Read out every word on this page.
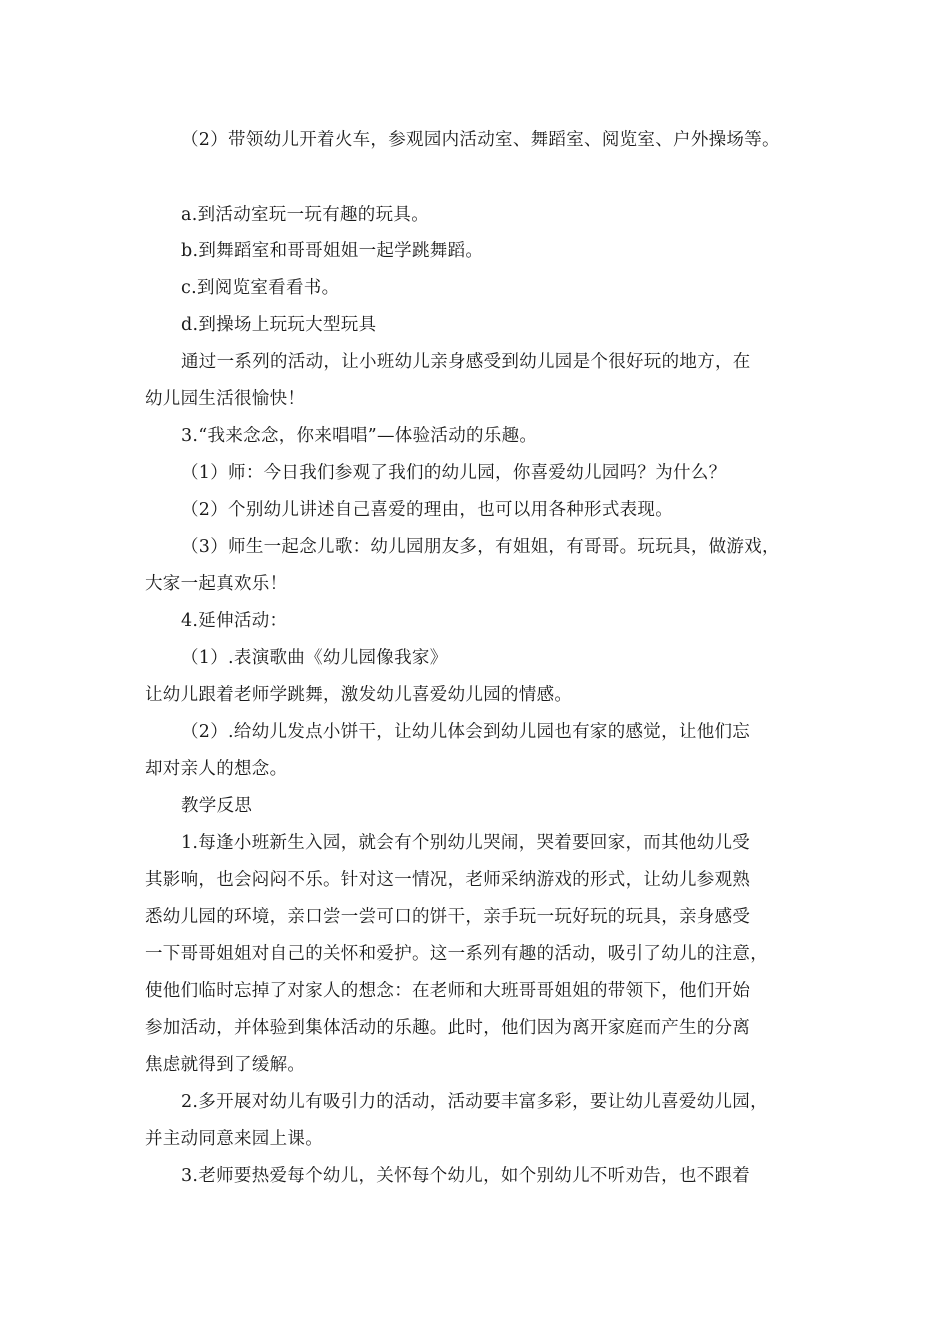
（2）带领幼儿开着火车，参观园内活动室、舞蹈室、阅览室、户外操场等。
a.到活动室玩一玩有趣的玩具。
b.到舞蹈室和哥哥姐姐一起学跳舞蹈。
c.到阅览室看看书。
d.到操场上玩玩大型玩具
通过一系列的活动，让小班幼儿亲身感受到幼儿园是个很好玩的地方，在
幼儿园生活很愉快！
3.“我来念念，你来唱唱”—体验活动的乐趣。
（1）师：今日我们参观了我们的幼儿园，你喜爱幼儿园吗？为什么？
（2）个别幼儿讲述自己喜爱的理由，也可以用各种形式表现。
（3）师生一起念儿歌：幼儿园朋友多，有姐姐，有哥哥。玩玩具，做游戏，
大家一起真欢乐！
4.延伸活动：
（1）.表演歌曲《幼儿园像我家》
让幼儿跟着老师学跳舞，激发幼儿喜爱幼儿园的情感。
（2）.给幼儿发点小饼干，让幼儿体会到幼儿园也有家的感觉，让他们忘
却对亲人的想念。
教学反思
1.每逢小班新生入园，就会有个别幼儿哭闹，哭着要回家，而其他幼儿受
其影响，也会闷闷不乐。针对这一情况，老师采纳游戏的形式，让幼儿参观熟
悉幼儿园的环境，亲口尝一尝可口的饼干，亲手玩一玩好玩的玩具，亲身感受
一下哥哥姐姐对自己的关怀和爱护。这一系列有趣的活动，吸引了幼儿的注意，
使他们临时忘掉了对家人的想念：在老师和大班哥哥姐姐的带领下，他们开始
参加活动，并体验到集体活动的乐趣。此时，他们因为离开家庭而产生的分离
焦虑就得到了缓解。
2.多开展对幼儿有吸引力的活动，活动要丰富多彩，要让幼儿喜爱幼儿园，
并主动同意来园上课。
3.老师要热爱每个幼儿，关怀每个幼儿，如个别幼儿不听劝告，也不跟着
